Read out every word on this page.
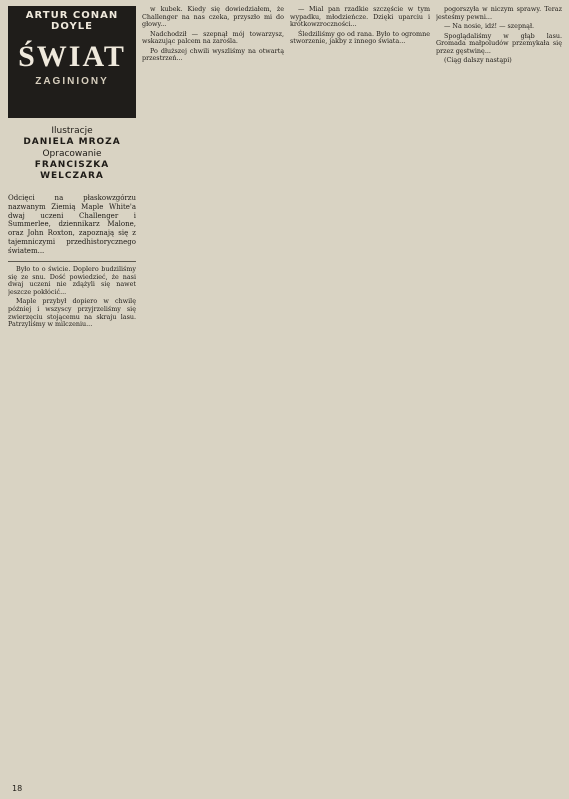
ARTUR CONAN DOYLE
ŚWIAT
ZAGINIONY
Ilustracje
DANIELA MROZA
Opracowanie
FRANCISZKA WELCZARA
Odcięci na płaskowzgórzu nazwanym Ziemią Maple White'a dwaj uczeni Challenger i Summerlee, dziennikarz Malone, oraz John Roxton, zapoznają się z tajemniczymi przedhistorycznego światem...

Było to o świcie. Doplero budziliśmy się ze snu. Dość powiedzieć, że nasi dwaj uczeni nie zdążyli się nawet jeszcze pokłócić...

Maple przybył dopiero w chwilę później i wszyscy przyjrzeliśmy się zwierzęciu stojącemu na skraju lasu. Patrzyliśmy w milczeniu...

w kubek. Kiedy się dowiedziałem, że Challenger na nas czeka, przyszło mi do głowy...

Nadchodził — szepnął mój towarzysz, wskazując palcem na zarośla.

Po dłuższej chwili wyszliśmy na otwartą przestrzeń...

— Mial pan rzadkie szczęście w tym wypadku, młodzieńcze. Dzięki uparciu i krótkowzroczności...

Śledziliśmy go od rana. Było to ogromne stworzenie, jakby z innego świata...

pogorszyła w niczym sprawy. Teraz jesteśmy pewni...

— Na nosie, idź! — szepnął.

Spoglądaliśmy w głąb lasu. Gromada małpoludów przemykała się przez gęstwinę...

(Ciąg dalszy nastąpi)

18
